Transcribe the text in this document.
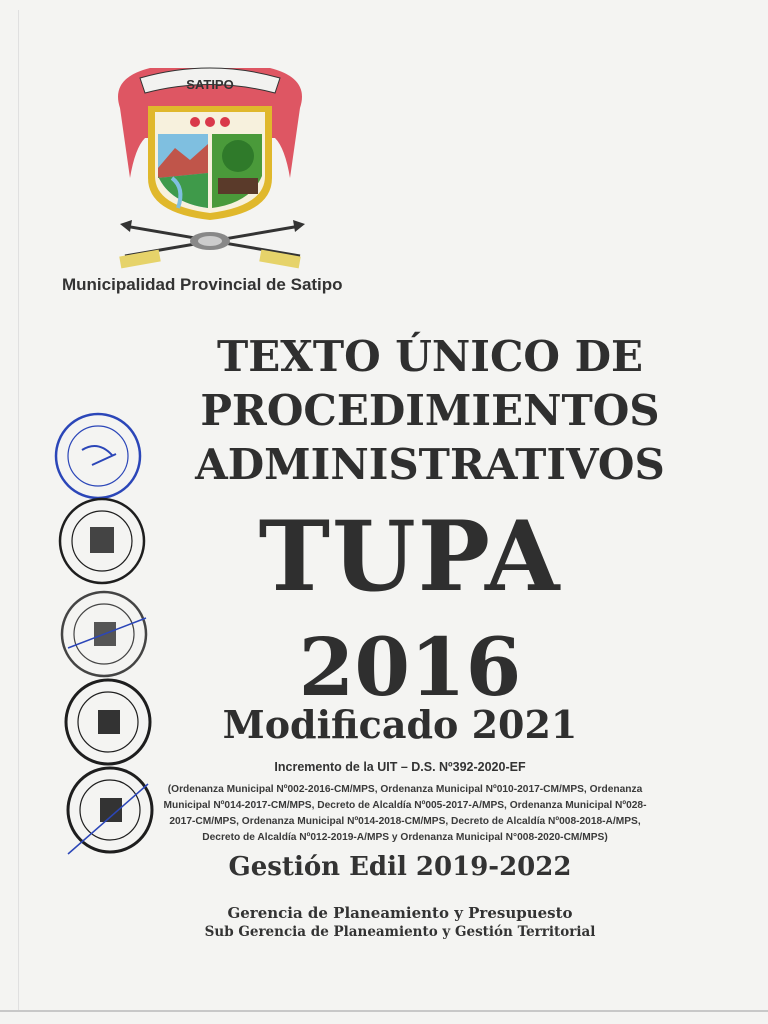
SATIPO
Municipalidad Provincial de Satipo
TEXTO ÚNICO DE
PROCEDIMIENTOS
ADMINISTRATIVOS
TUPA
2016
Modificado 2021
Incremento de la UIT – D.S. Nº392-2020-EF
(Ordenanza Municipal Nº002-2016-CM/MPS, Ordenanza Municipal Nº010-2017-CM/MPS, Ordenanza Municipal Nº014-2017-CM/MPS, Decreto de Alcaldía Nº005-2017-A/MPS, Ordenanza Municipal Nº028-2017-CM/MPS, Ordenanza Municipal Nº014-2018-CM/MPS, Decreto de Alcaldía Nº008-2018-A/MPS, Decreto de Alcaldía Nº012-2019-A/MPS y Ordenanza Municipal N°008-2020-CM/MPS)
Gestión Edil 2019-2022
Gerencia de Planeamiento y Presupuesto
Sub Gerencia de Planeamiento y Gestión Territorial
